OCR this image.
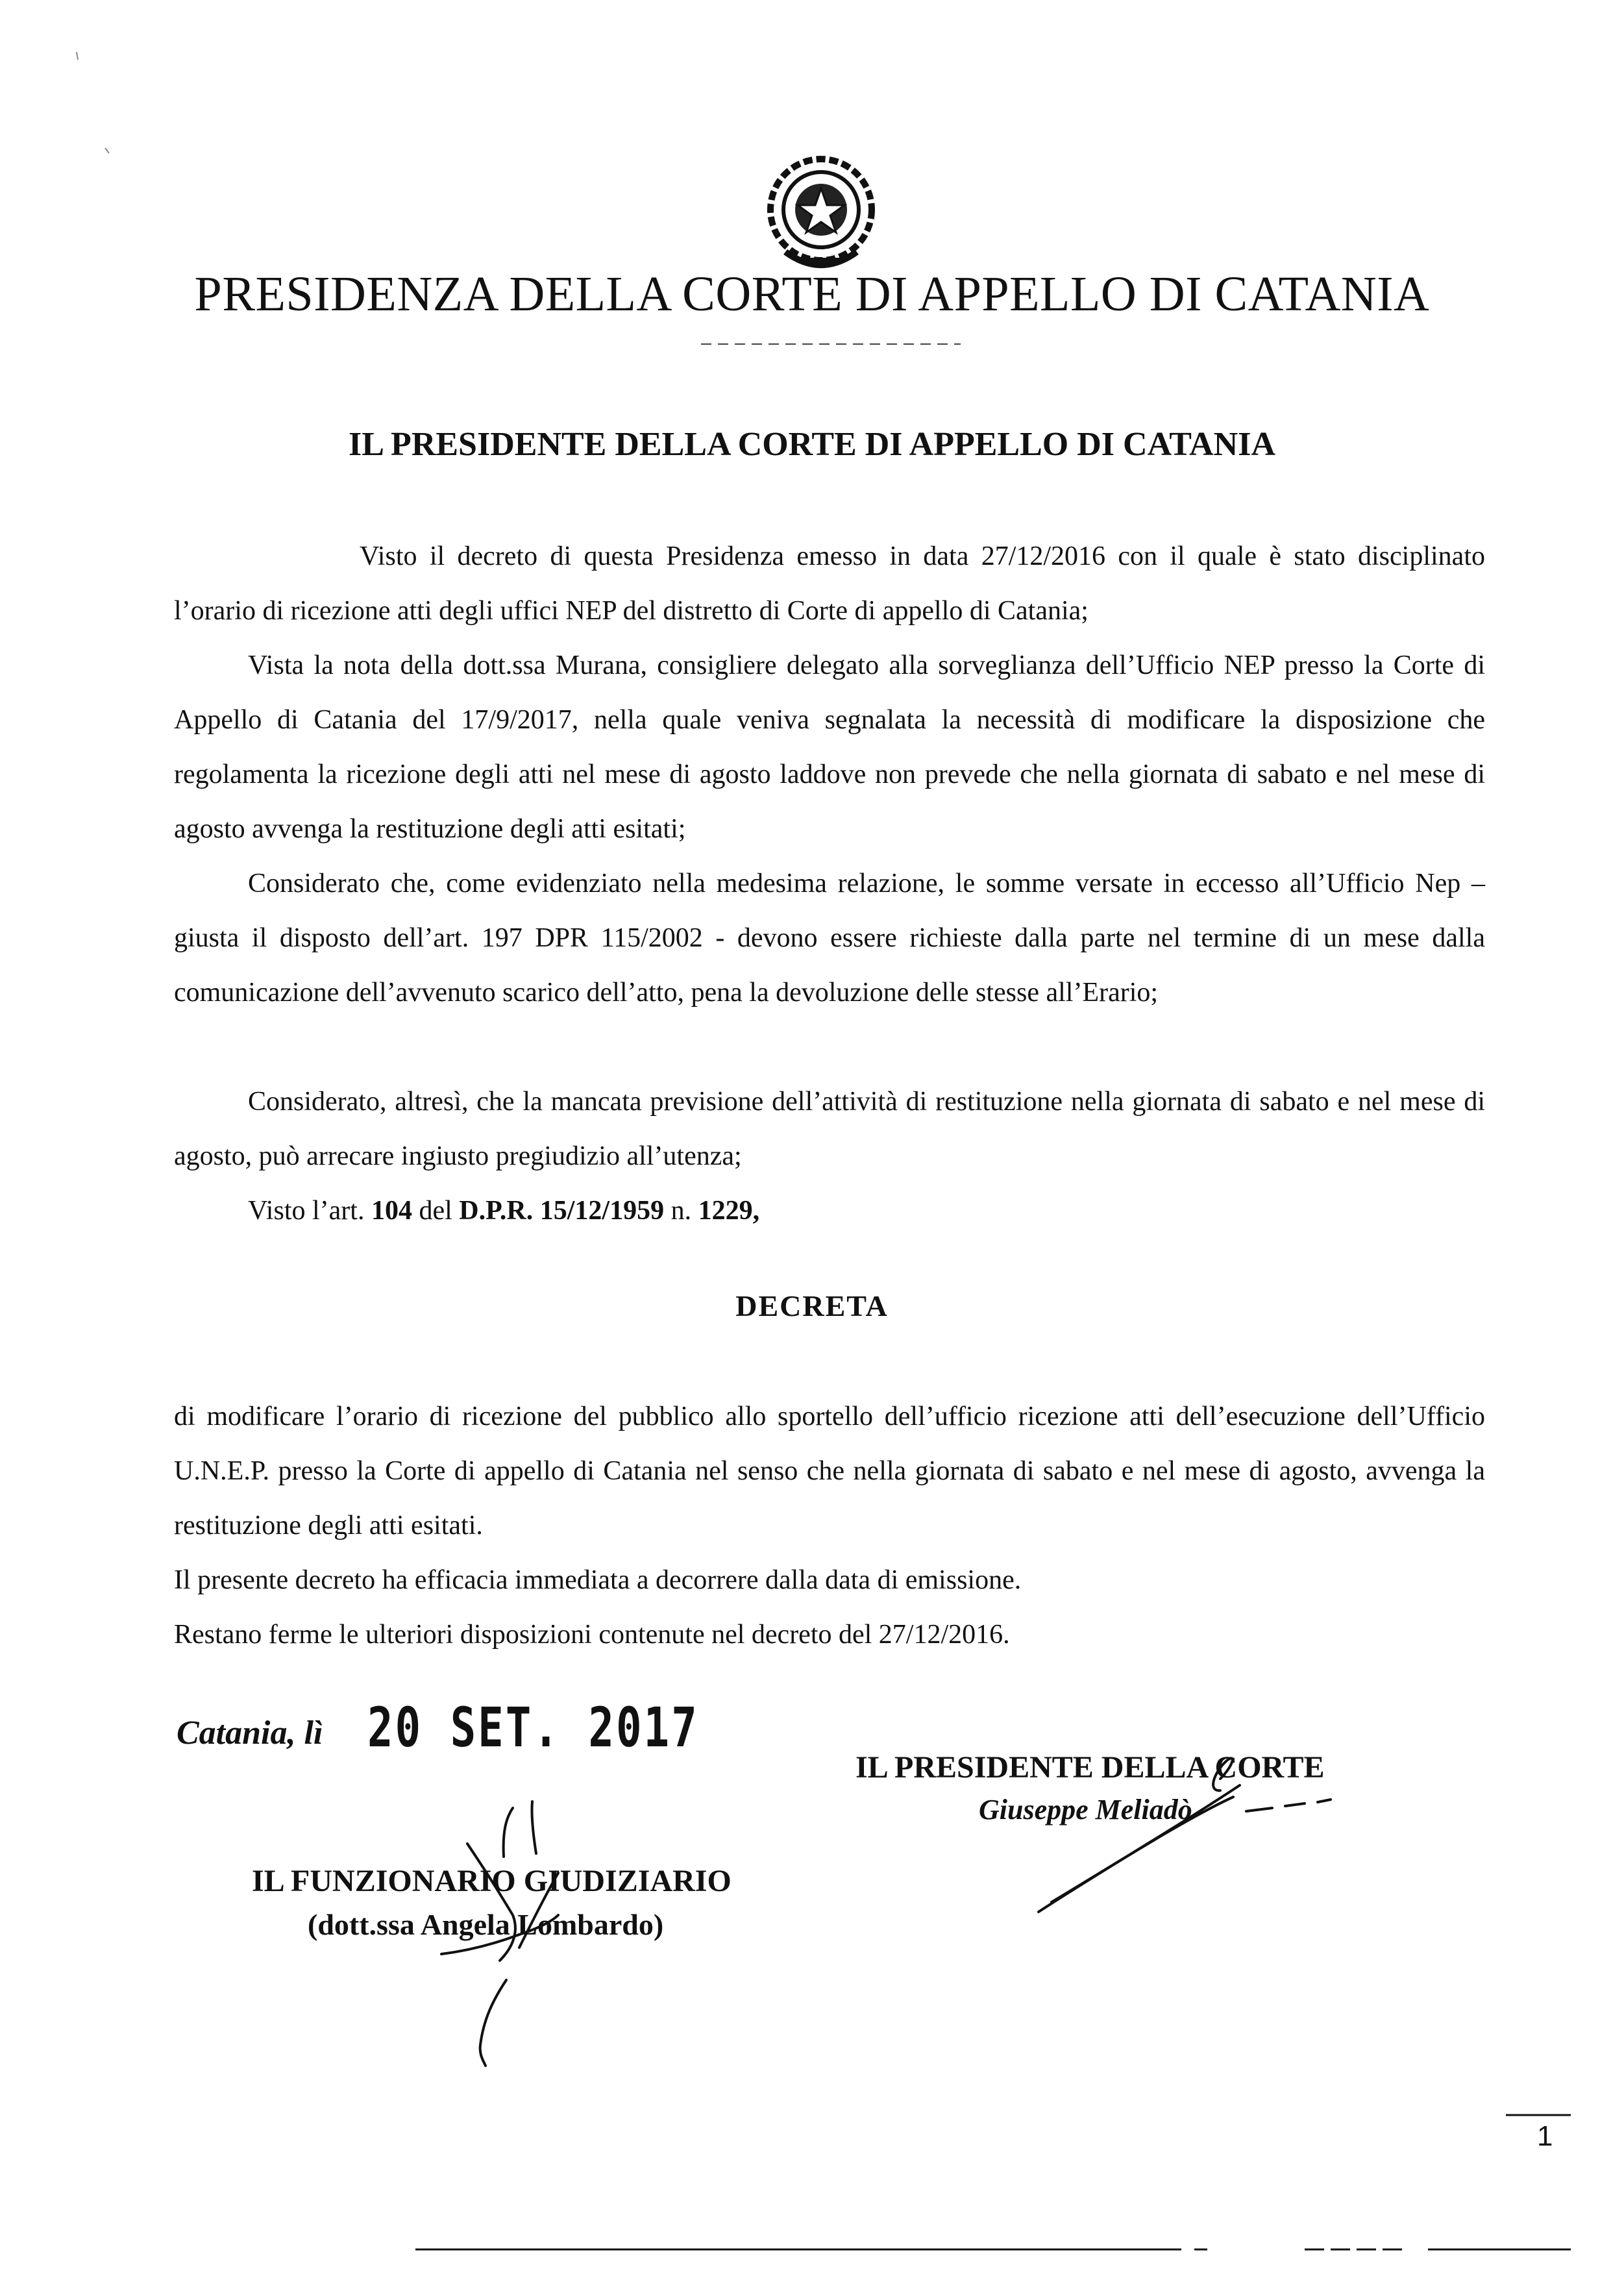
PRESIDENZA DELLA CORTE DI APPELLO DI CATANIA
IL PRESIDENTE DELLA CORTE DI APPELLO DI CATANIA

Visto il decreto di questa Presidenza emesso in data 27/12/2016 con il quale è stato disciplinato l’orario di ricezione atti degli uffici NEP del distretto di Corte di appello di Catania;

Vista la nota della dott.ssa Murana, consigliere delegato alla sorveglianza dell’Ufficio NEP presso la Corte di Appello di Catania del 17/9/2017, nella quale veniva segnalata la necessità di modificare la disposizione che regolamenta la ricezione degli atti nel mese di agosto laddove non prevede che nella giornata di sabato e nel mese di agosto avvenga la restituzione degli atti esitati;

Considerato che, come evidenziato nella medesima relazione, le somme versate in eccesso all’Ufficio Nep – giusta il disposto dell’art. 197 DPR 115/2002 - devono essere richieste dalla parte nel termine di un mese dalla comunicazione dell’avvenuto scarico dell’atto, pena la devoluzione delle stesse all’Erario;

Considerato, altresì, che la mancata previsione dell’attività di restituzione nella giornata di sabato e nel mese di agosto, può arrecare ingiusto pregiudizio all’utenza;

Visto l’art. 104 del D.P.R. 15/12/1959 n. 1229,

DECRETA

di modificare l’orario di ricezione del pubblico allo sportello dell’ufficio ricezione atti dell’esecuzione dell’Ufficio U.N.E.P. presso la Corte di appello di Catania nel senso che nella giornata di sabato e nel mese di agosto, avvenga la restituzione degli atti esitati.

Il presente decreto ha efficacia immediata a decorrere dalla data di emissione.

Restano ferme le ulteriori disposizioni contenute nel decreto del 27/12/2016.

Catania, lì 20 SET. 2017
IL PRESIDENTE DELLA CORTE
Giuseppe Meliadò
IL FUNZIONARIO GIUDIZIARIO
(dott.ssa Angela Lombardo)
1
